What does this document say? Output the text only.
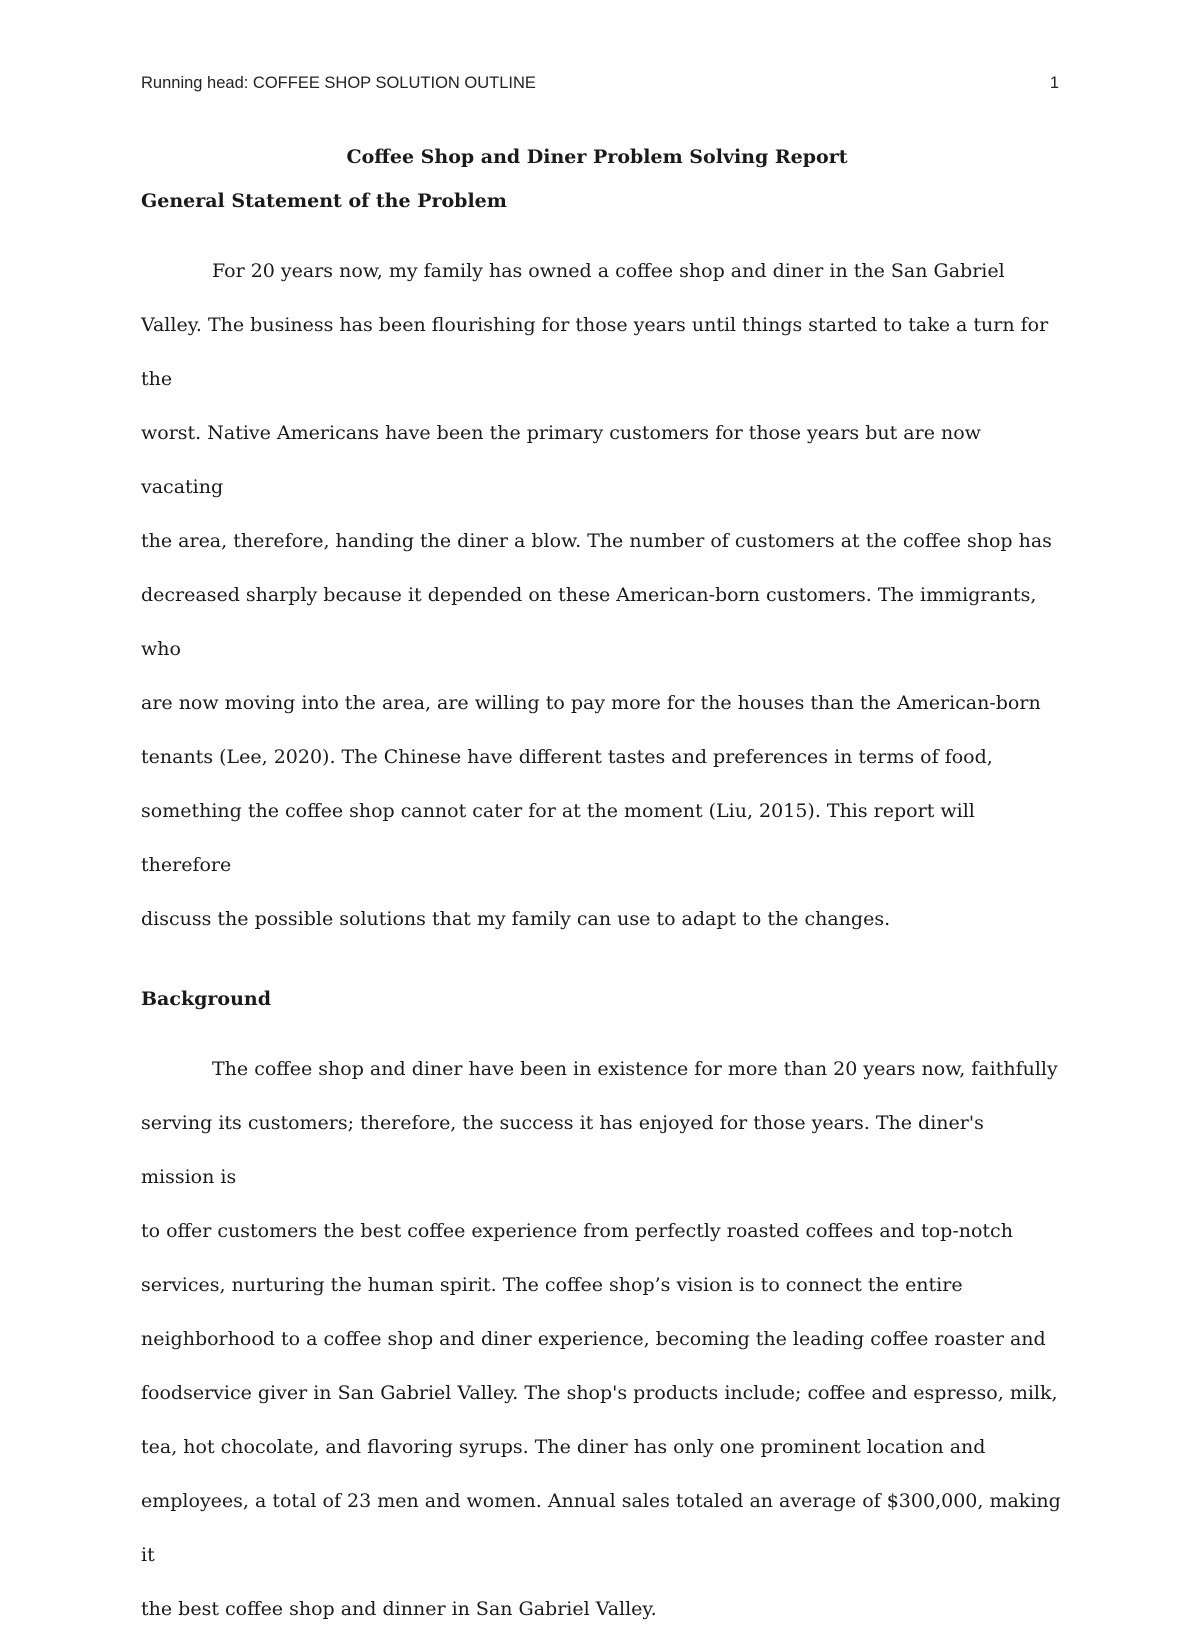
Running head: COFFEE SHOP SOLUTION OUTLINE	1

Coffee Shop and Diner Problem Solving Report

General Statement of the Problem

For 20 years now, my family has owned a coffee shop and diner in the San Gabriel
Valley. The business has been flourishing for those years until things started to take a turn for the
worst. Native Americans have been the primary customers for those years but are now vacating
the area, therefore, handing the diner a blow. The number of customers at the coffee shop has
decreased sharply because it depended on these American-born customers. The immigrants, who
are now moving into the area, are willing to pay more for the houses than the American-born
tenants (Lee, 2020). The Chinese have different tastes and preferences in terms of food,
something the coffee shop cannot cater for at the moment (Liu, 2015). This report will therefore
discuss the possible solutions that my family can use to adapt to the changes.

Background

The coffee shop and diner have been in existence for more than 20 years now, faithfully
serving its customers; therefore, the success it has enjoyed for those years. The diner's mission is
to offer customers the best coffee experience from perfectly roasted coffees and top-notch
services, nurturing the human spirit. The coffee shop’s vision is to connect the entire
neighborhood to a coffee shop and diner experience, becoming the leading coffee roaster and
foodservice giver in San Gabriel Valley. The shop's products include; coffee and espresso, milk,
tea, hot chocolate, and flavoring syrups. The diner has only one prominent location and
employees, a total of 23 men and women. Annual sales totaled an average of $300,000, making it
the best coffee shop and dinner in San Gabriel Valley.
